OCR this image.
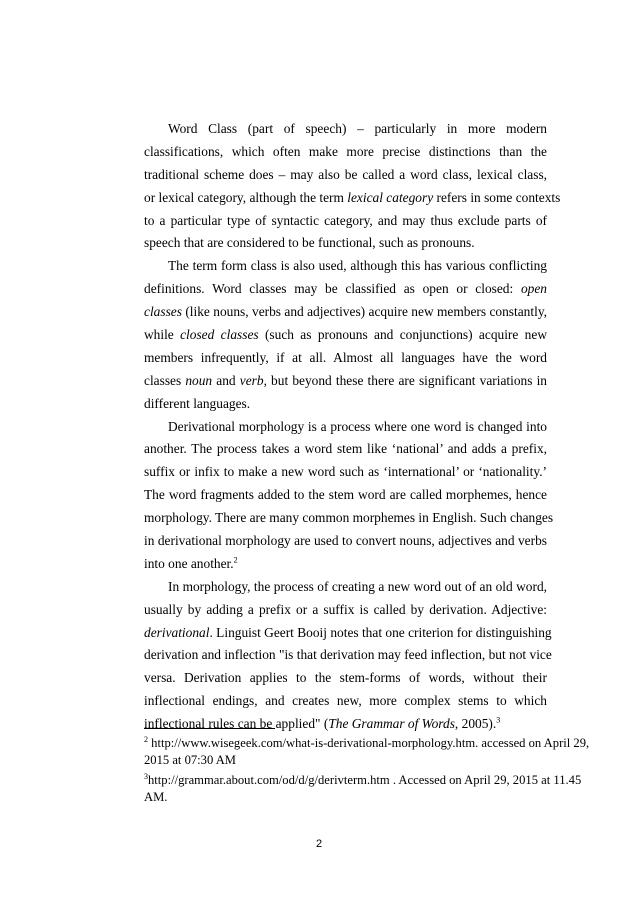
Word Class (part of speech) – particularly in more modern
classifications, which often make more precise distinctions than the
traditional scheme does – may also be called a word class, lexical class,
or lexical category, although the term lexical category refers in some contexts
to a particular type of syntactic category, and may thus exclude parts of
speech that are considered to be functional, such as pronouns.
The term form class is also used, although this has various conflicting
definitions. Word classes may be classified as open or closed: open
classes (like nouns, verbs and adjectives) acquire new members constantly,
while closed classes (such as pronouns and conjunctions) acquire new
members infrequently, if at all. Almost all languages have the word
classes noun and verb, but beyond these there are significant variations in
different languages.
Derivational morphology is a process where one word is changed into
another. The process takes a word stem like ‘national’ and adds a prefix,
suffix or infix to make a new word such as ‘international’ or ‘nationality.’
The word fragments added to the stem word are called morphemes, hence
morphology. There are many common morphemes in English. Such changes
in derivational morphology are used to convert nouns, adjectives and verbs
into one another.$^2$
In morphology, the process of creating a new word out of an old word,
usually by adding a prefix or a suffix is called by derivation. Adjective:
derivational. Linguist Geert Booij notes that one criterion for distinguishing
derivation and inflection "is that derivation may feed inflection, but not vice
versa. Derivation applies to the stem-forms of words, without their
inflectional endings, and creates new, more complex stems to which
inflectional rules can be applied" (The Grammar of Words, 2005).$^3$
$^2$ http://www.wisegeek.com/what-is-derivational-morphology.htm. accessed on April 29,
2015 at 07:30 AM
$^3$http://grammar.about.com/od/d/g/derivterm.htm . Accessed on April 29, 2015 at 11.45
AM.
2
